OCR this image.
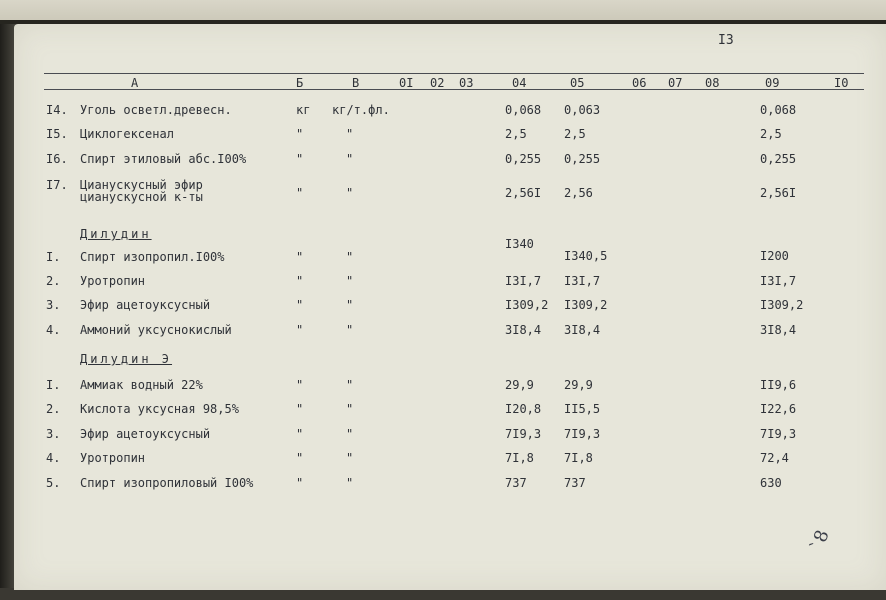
I3
А	Б	В	0I 02 03	04	05	06 07 08	09	I0
I4. Уголь осветл.древесн.	кг кг/т.фл.	0,068 0,063	0,068
I5. Циклогексенал	"	"	2,5	2,5	2,5
I6. Спирт этиловый абс.I00%	"	"	0,255 0,255	0,255
I7. Цианускусный эфир
цианускусной к-ты	"	"	2,56I 2,56	2,56I
Дилудин
I. Спирт изопропил.I00%	"	"
I340
I340,5	I200
2. Уротропин	"	"	I3I,7 I3I,7	I3I,7
3. Эфир ацетоуксусный	"	"	I309,2 I309,2	I309,2
4. Аммоний уксуснокислый	"	"	3I8,4 3I8,4	3I8,4
Дилудин Э
I. Аммиак водный 22%	"	"	29,9	29,9	II9,6
2. Кислота уксусная 98,5%	"	"	I20,8 II5,5	I22,6
3. Эфир ацетоуксусный	"	"	7I9,3 7I9,3	7I9,3
4. Уротропин	"	"	7I,8	7I,8	72,4
5. Спирт изопропиловый I00%	"	"	737	737	630
ˋ8
